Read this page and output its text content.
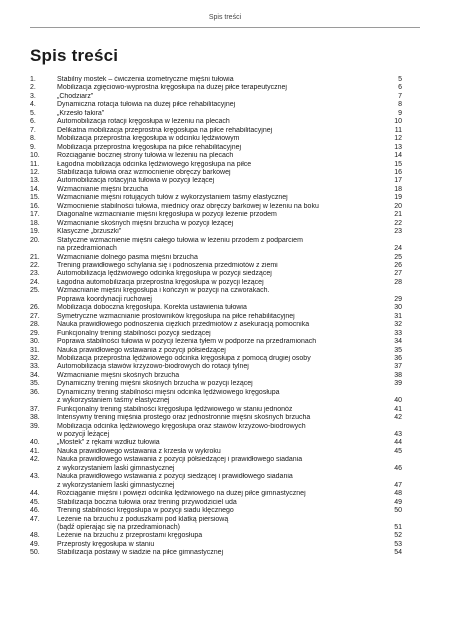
Spis treści
Spis treści
1.	Stabilny mostek – ćwiczenia izometryczne mięśni tułowia	5
2.	Mobilizacja zgięciowo-wyprostna kręgosłupa na dużej piłce terapeutycznej	6
3.	„Chodziarz”	7
4.	Dynamiczna rotacja tułowia na dużej piłce rehabilitacyjnej	8
5.	„Krzesło fakira”	9
6.	Automobilizacja rotacji kręgosłupa w leżeniu na plecach	10
7.	Delikatna mobilizacja przeprostna kręgosłupa na piłce rehabilitacyjnej	11
8.	Mobilizacja przeprostna kręgosłupa w odcinku lędźwiowym	12
9.	Mobilizacja przeprostna kręgosłupa na piłce rehabilitacyjnej	13
10.	Rozciąganie bocznej strony tułowia w leżeniu na plecach	14
11.	Łagodna mobilizacja odcinka lędźwiowego kręgosłupa na piłce	15
12.	Stabilizacja tułowia oraz wzmocnienie obręczy barkowej	16
13.	Automobilizacja rotacyjna tułowia w pozycji leżącej	17
14.	Wzmacnianie mięśni brzucha	18
15.	Wzmacnianie mięśni rotujących tułów z wykorzystaniem taśmy elastycznej	19
16.	Wzmocnienie stabilności tułowia, miednicy oraz obręczy barkowej w leżeniu na boku	20
17.	Diagonalne wzmacnianie mięśni kręgosłupa w pozycji leżenie przodem	21
18.	Wzmacnianie skośnych mięśni brzucha w pozycji leżącej	22
19.	Klasyczne „brzuszki”	23
20.	Statyczne wzmacnienie mięśni całego tułowia w leżeniu przodem z podparciem
na przedramionach	24
21.	Wzmacnianie dolnego pasma mięśni brzucha	25
22.	Trening prawidłowego schylania się i podnoszenia przedmiotów z ziemi	26
23.	Automobilizacja lędźwiowego odcinka kręgosłupa w pozycji siedzącej	27
24.	Łagodna automobilizacja przeprostna kręgosłupa w pozycji leżącej	28
25.	Wzmacnianie mięśni kręgosłupa i kończyn w pozycji na czworakach.
Poprawa koordynacji ruchowej	29
26.	Mobilizacja doboczna kręgosłupa. Korekta ustawienia tułowia	30
27.	Symetryczne wzmacnianie prostowników kręgosłupa na piłce rehabilitacyjnej	31
28.	Nauka prawidłowego podnoszenia ciężkich przedmiotów z asekuracją pomocnika	32
29.	Funkcjonalny trening stabilności pozycji siedzącej	33
30.	Poprawa stabilności tułowia w pozycji leżenia tyłem w podporze na przedramionach	34
31.	Nauka prawidłowego wstawania z pozycji półsiedzącej	35
32.	Mobilizacja przeprostna lędźwiowego odcinka kręgosłupa z pomocą drugiej osoby	36
33.	Automobilizacja stawów krzyżowo-biodrowych do rotacji tylnej	37
34.	Wzmacnianie mięśni skośnych brzucha	38
35.	Dynamiczny trening mięśni skośnych brzucha w pozycji leżącej	39
36.	Dynamiczny trening stabilności mięśni odcinka lędźwiowego kręgosłupa
z wykorzystaniem taśmy elastycznej	40
37.	Funkcjonalny trening stabilności kręgosłupa lędźwiowego w staniu jednonóż	41
38.	Intensywny trening mięśnia prostego oraz jednostronnie mięśni skośnych brzucha	42
39.	Mobilizacja odcinka lędźwiowego kręgosłupa oraz stawów krzyżowo-biodrowych
w pozycji leżącej	43
40.	„Mostek” z rękami wzdłuż tułowia	44
41.	Nauka prawidłowego wstawania z krzesła w wykroku	45
42.	Nauka prawidłowego wstawania z pozycji półsiedzącej i prawidłowego siadania
z wykorzystaniem laski gimnastycznej	46
43.	Nauka prawidłowego wstawania z pozycji siedzącej i prawidłowego siadania
z wykorzystaniem laski gimnastycznej	47
44.	Rozciąganie mięśni i powięzi odcinka lędźwiowego na dużej piłce gimnastycznej	48
45.	Stabilizacja boczna tułowia oraz trening przywodziciel uda	49
46.	Trening stabilności kręgosłupa w pozycji siadu klęcznego	50
47.	Leżenie na brzuchu z poduszkami pod klatką piersiową
(bądź opierając się na przedramionach)	51
48.	Leżenie na brzuchu z przeprostami kręgosłupa	52
49.	Przeprosty kręgosłupa w staniu	53
50.	Stabilizacja postawy w siadzie na piłce gimnastycznej	54
